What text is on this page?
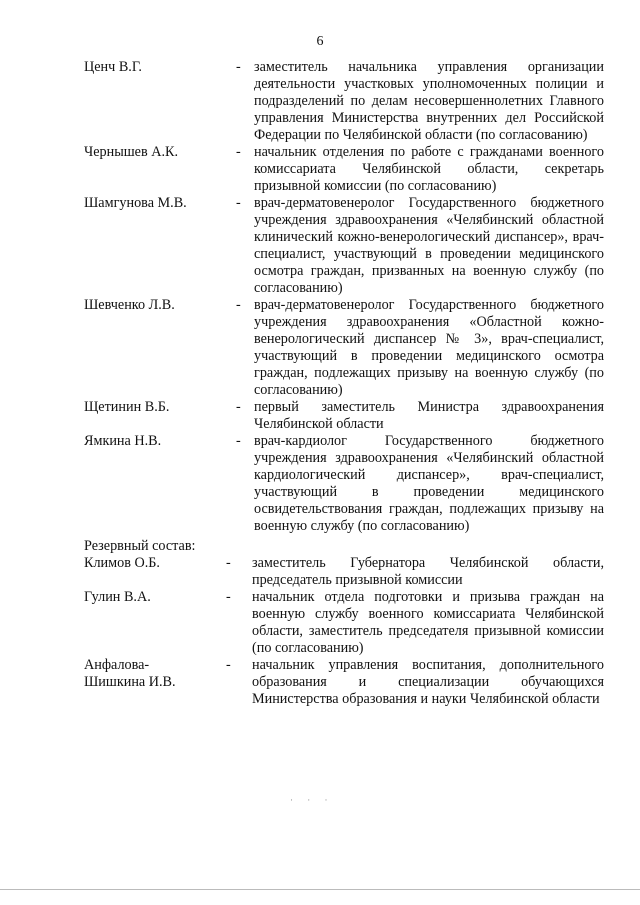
6
Ценч В.Г.	- заместитель начальника управления организации деятельности участковых уполномоченных полиции и подразделений по делам несовершеннолетних Главного управления Министерства внутренних дел Российской Федерации по Челябинской области (по согласованию)
Чернышев А.К.	- начальник отделения по работе с гражданами военного комиссариата Челябинской области, секретарь призывной комиссии (по согласованию)
Шамгунова М.В.	- врач-дерматовенеролог Государственного бюджетного учреждения здравоохранения «Челябинский областной клинический кожно-венерологический диспансер», врач-специалист, участвующий в проведении медицинского осмотра граждан, призванных на военную службу (по согласованию)
Шевченко Л.В.	- врач-дерматовенеролог Государственного бюджетного учреждения здравоохранения «Областной кожно-венерологический диспансер № 3», врач-специалист, участвующий в проведении медицинского осмотра граждан, подлежащих призыву на военную службу (по согласованию)
Щетинин В.Б.	- первый заместитель Министра здравоохранения Челябинской области
Ямкина Н.В.	- врач-кардиолог Государственного бюджетного учреждения здравоохранения «Челябинский областной кардиологический диспансер», врач-специалист, участвующий в проведении медицинского освидетельствования граждан, подлежащих призыву на военную службу (по согласованию)
Резервный состав:
Климов О.Б.	-	заместитель Губернатора Челябинской области, председатель призывной комиссии
Гулин В.А.	-	начальник отдела подготовки и призыва граждан на военную службу военного комиссариата Челябинской области, заместитель председателя призывной комиссии (по согласованию)
Анфалова-
Шишкина И.В.
-	начальник управления воспитания, дополнительного образования и специализации обучающихся Министерства образования и науки Челябинской области
· · ·
